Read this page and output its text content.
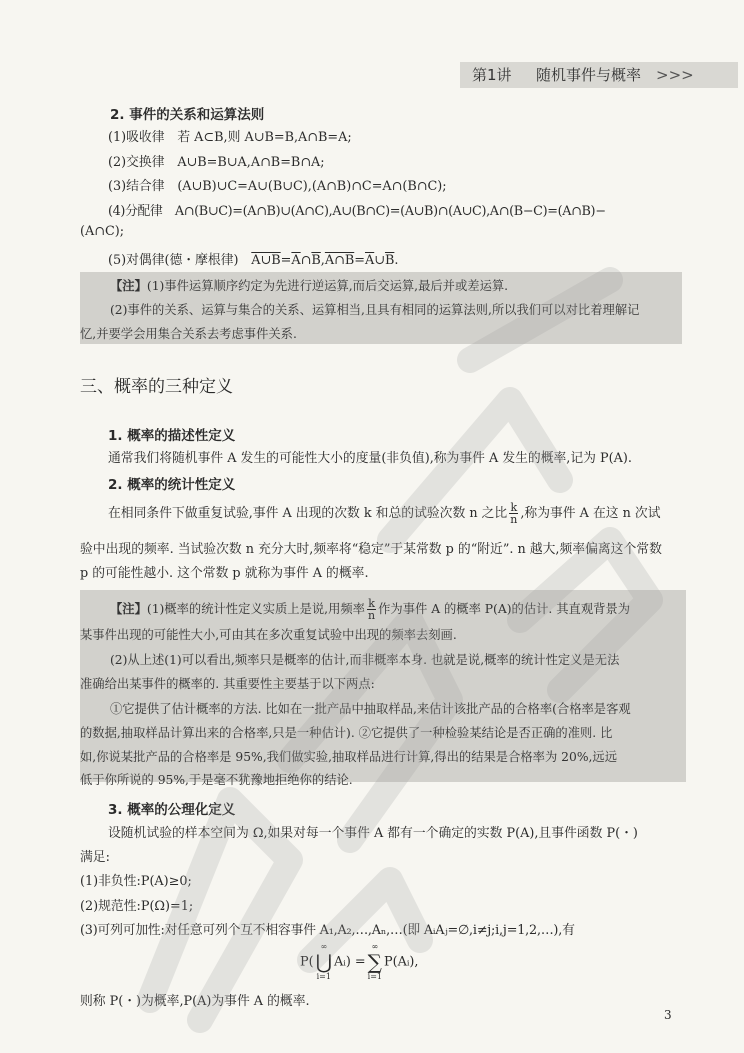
第1讲 随机事件与概率 >>>
2. 事件的关系和运算法则
(1)吸收律　若 A⊂B,则 A∪B=B,A∩B=A;
(2)交换律　A∪B=B∪A,A∩B=B∩A;
(3)结合律　(A∪B)∪C=A∪(B∪C),(A∩B)∩C=A∩(B∩C);
(4)分配律　A∩(B∪C)=(A∩B)∪(A∩C),A∪(B∩C)=(A∪B)∩(A∪C),A∩(B−C)=(A∩B)−
(A∩C);
(5)对偶律(德・摩根律)　$A\cup B=\overline{A}\cap\overline{B},A\cap B=\overline{A}\cup\overline{B}$.
【注】(1)事件运算顺序约定为先进行逆运算,而后交运算,最后并或差运算.
(2)事件的关系、运算与集合的关系、运算相当,且具有相同的运算法则,所以我们可以对比着理解记
忆,并要学会用集合关系去考虑事件关系.
三、概率的三种定义
1. 概率的描述性定义
通常我们将随机事件 A 发生的可能性大小的度量(非负值),称为事件 A 发生的概率,记为 P(A).
2. 概率的统计性定义
在相同条件下做重复试验,事件 A 出现的次数 k 和总的试验次数 n 之比 $\frac{k}{n}$ ,称为事件 A 在这 n 次试
验中出现的频率. 当试验次数 n 充分大时,频率将“稳定”于某常数 p 的“附近”. n 越大,频率偏离这个常数
p 的可能性越小. 这个常数 p 就称为事件 A 的概率.
【注】(1)概率的统计性定义实质上是说,用频率 $\frac{k}{n}$ 作为事件 A 的概率 P(A)的估计. 其直观背景为
某事件出现的可能性大小,可由其在多次重复试验中出现的频率去刻画.
(2)从上述(1)可以看出,频率只是概率的估计,而非概率本身. 也就是说,概率的统计性定义是无法
准确给出某事件的概率的. 其重要性主要基于以下两点:
①它提供了估计概率的方法. 比如在一批产品中抽取样品,来估计该批产品的合格率(合格率是客观
的数据,抽取样品计算出来的合格率,只是一种估计). ②它提供了一种检验某结论是否正确的准则. 比
如,你说某批产品的合格率是 95%,我们做实验,抽取样品进行计算,得出的结果是合格率为 20%,远远
低于你所说的 95%,于是毫不犹豫地拒绝你的结论.
3. 概率的公理化定义
设随机试验的样本空间为 Ω,如果对每一个事件 A 都有一个确定的实数 P(A),且事件函数 P(・)
满足:
(1)非负性:P(A)≥0;
(2)规范性:P(Ω)=1;
(3)可列可加性:对任意可列个互不相容事件 A₁,A₂,…,Aₙ,…(即 AᵢAⱼ=∅,i≠j;i,j=1,2,…),有
P(
∞
⋃
i=1
Aᵢ) =
∞
∑
i=1
P(Aᵢ),
则称 P(・)为概率,P(A)为事件 A 的概率.
3
